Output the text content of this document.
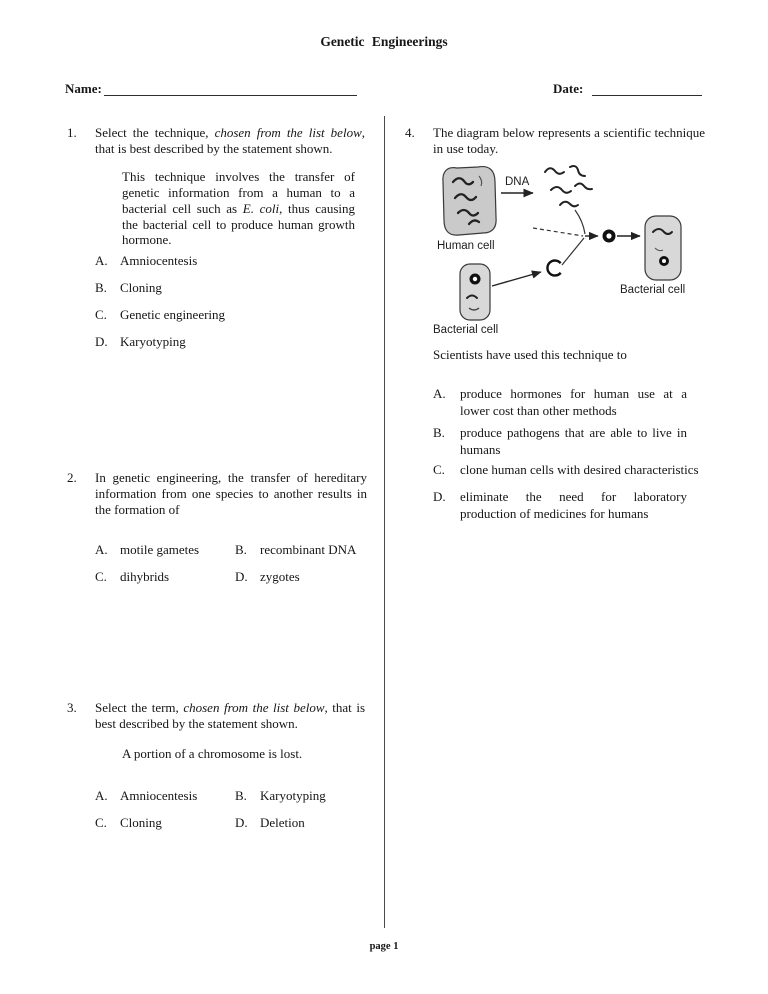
Genetic Engineerings
Name:	Date:
1. Select the technique, chosen from the list below, that is best described by the statement shown.
This technique involves the transfer of genetic information from a human to a bacterial cell such as E. coli, thus causing the bacterial cell to produce human growth hormone.
A. Amniocentesis
B. Cloning
C. Genetic engineering
D. Karyotyping
2. In genetic engineering, the transfer of hereditary information from one species to another results in the formation of
A. motile gametes	B. recombinant DNA
C. dihybrids	D. zygotes
3. Select the term, chosen from the list below, that is best described by the statement shown.
A portion of a chromosome is lost.
A. Amniocentesis	B. Karyotyping
C. Cloning	D. Deletion
4. The diagram below represents a scientific technique in use today.
DNA
Human cell
Bacterial cell
Bacterial cell
Scientists have used this technique to
A. produce hormones for human use at a lower cost than other methods
B. produce pathogens that are able to live in humans
C. clone human cells with desired characteristics
D. eliminate the need for laboratory production of medicines for humans
page 1
